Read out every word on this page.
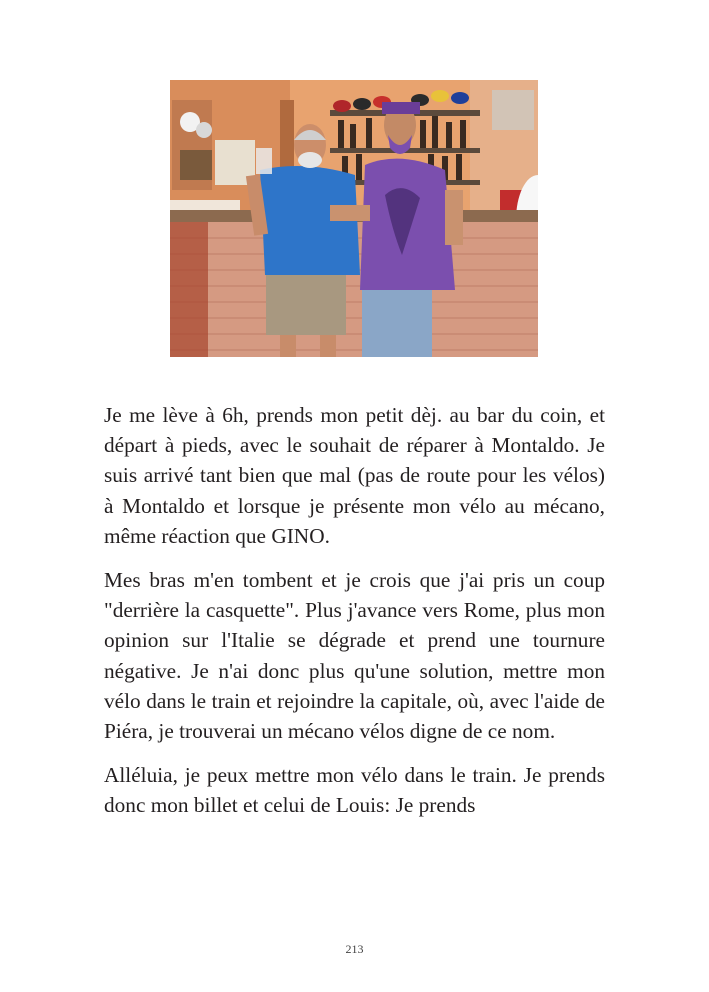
Je me lève à 6h, prends mon petit dèj. au bar du coin, et départ à pieds, avec le souhait de réparer à Montaldo. Je suis arrivé tant bien que mal (pas de route pour les vélos) à Montaldo et lorsque je présente mon vélo au mécano, même réaction que GINO.

Mes bras m'en tombent et je crois que j'ai pris un coup "derrière la casquette". Plus j'avance vers Rome, plus mon opinion sur l'Italie se dégrade et prend une tournure négative. Je n'ai donc plus qu'une solution, mettre mon vélo dans le train et rejoindre la capitale, où, avec l'aide de Piéra, je trouverai un mécano vélos digne de ce nom.

Alléluia, je peux mettre mon vélo dans le train. Je prends donc mon billet et celui de Louis: Je prends

213
